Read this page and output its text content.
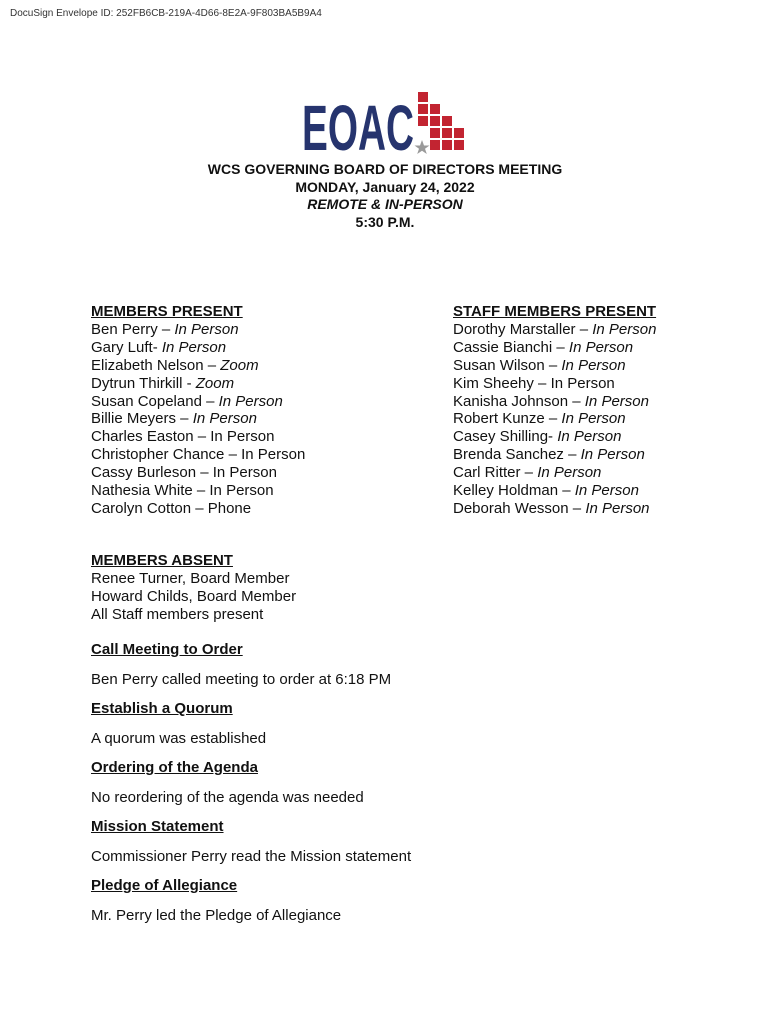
DocuSign Envelope ID: 252FB6CB-219A-4D66-8E2A-9F803BA5B9A4
EOAC
WCS GOVERNING BOARD OF DIRECTORS MEETING
MONDAY, January 24, 2022
REMOTE & IN-PERSON
5:30 P.M.
MEMBERS PRESENT
Ben Perry – In Person
Gary Luft- In Person
Elizabeth Nelson – Zoom
Dytrun Thirkill - Zoom
Susan Copeland – In Person
Billie Meyers – In Person
Charles Easton – In Person
Christopher Chance – In Person
Cassy Burleson – In Person
Nathesia White – In Person
Carolyn Cotton – Phone
STAFF MEMBERS PRESENT
Dorothy Marstaller – In Person
Cassie Bianchi – In Person
Susan Wilson – In Person
Kim Sheehy – In Person
Kanisha Johnson – In Person
Robert Kunze – In Person
Casey Shilling- In Person
Brenda Sanchez – In Person
Carl Ritter – In Person
Kelley Holdman – In Person
Deborah Wesson – In Person
MEMBERS ABSENT
Renee Turner, Board Member
Howard Childs, Board Member
All Staff members present
Call Meeting to Order
Ben Perry called meeting to order at 6:18 PM
Establish a Quorum
A quorum was established
Ordering of the Agenda
No reordering of the agenda was needed
Mission Statement
Commissioner Perry read the Mission statement
Pledge of Allegiance
Mr. Perry led the Pledge of Allegiance
